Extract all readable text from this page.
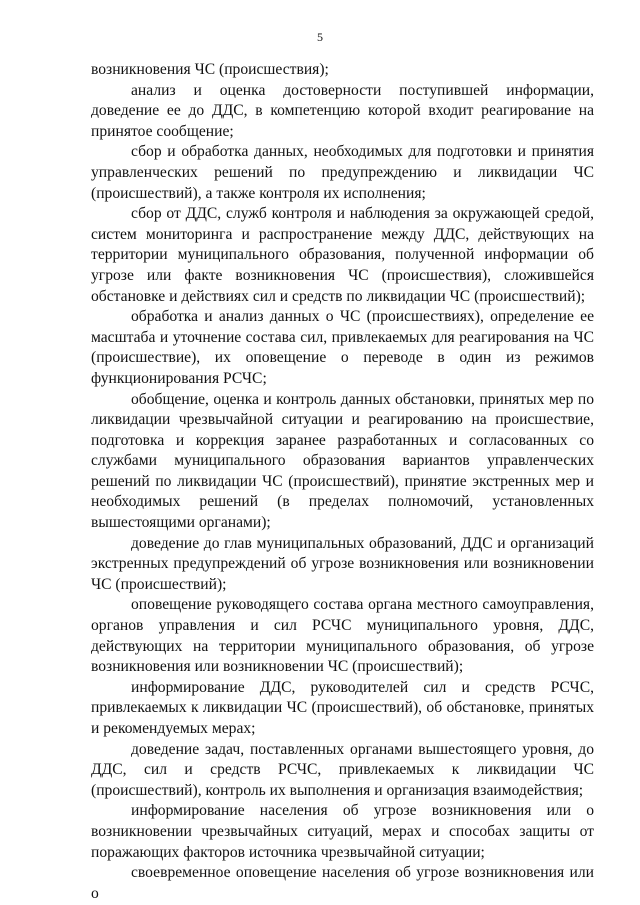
5

возникновения ЧС (происшествия);

анализ и оценка достоверности поступившей информации, доведение ее до ДДС, в компетенцию которой входит реагирование на принятое сообщение;

сбор и обработка данных, необходимых для подготовки и принятия управленческих решений по предупреждению и ликвидации ЧС (происшествий), а также контроля их исполнения;

сбор от ДДС, служб контроля и наблюдения за окружающей средой, систем мониторинга и распространение между ДДС, действующих на территории муниципального образования, полученной информации об угрозе или факте возникновения ЧС (происшествия), сложившейся обстановке и действиях сил и средств по ликвидации ЧС (происшествий);

обработка и анализ данных о ЧС (происшествиях), определение ее масштаба и уточнение состава сил, привлекаемых для реагирования на ЧС (происшествие), их оповещение о переводе в один из режимов функционирования РСЧС;

обобщение, оценка и контроль данных обстановки, принятых мер по ликвидации чрезвычайной ситуации и реагированию на происшествие, подготовка и коррекция заранее разработанных и согласованных со службами муниципального образования вариантов управленческих решений по ликвидации ЧС (происшествий), принятие экстренных мер и необходимых решений (в пределах полномочий, установленных вышестоящими органами);

доведение до глав муниципальных образований, ДДС и организаций экстренных предупреждений об угрозе возникновения или возникновении ЧС (происшествий);

оповещение руководящего состава органа местного самоуправления, органов управления и сил РСЧС муниципального уровня, ДДС, действующих на территории муниципального образования, об угрозе возникновения или возникновении ЧС (происшествий);

информирование ДДС, руководителей сил и средств РСЧС, привлекаемых к ликвидации ЧС (происшествий), об обстановке, принятых и рекомендуемых мерах;

доведение задач, поставленных органами вышестоящего уровня, до ДДС, сил и средств РСЧС, привлекаемых к ликвидации ЧС (происшествий), контроль их выполнения и организация взаимодействия;

информирование населения об угрозе возникновения или о возникновении чрезвычайных ситуаций, мерах и способах защиты от поражающих факторов источника чрезвычайной ситуации;

своевременное оповещение населения об угрозе возникновения или о
